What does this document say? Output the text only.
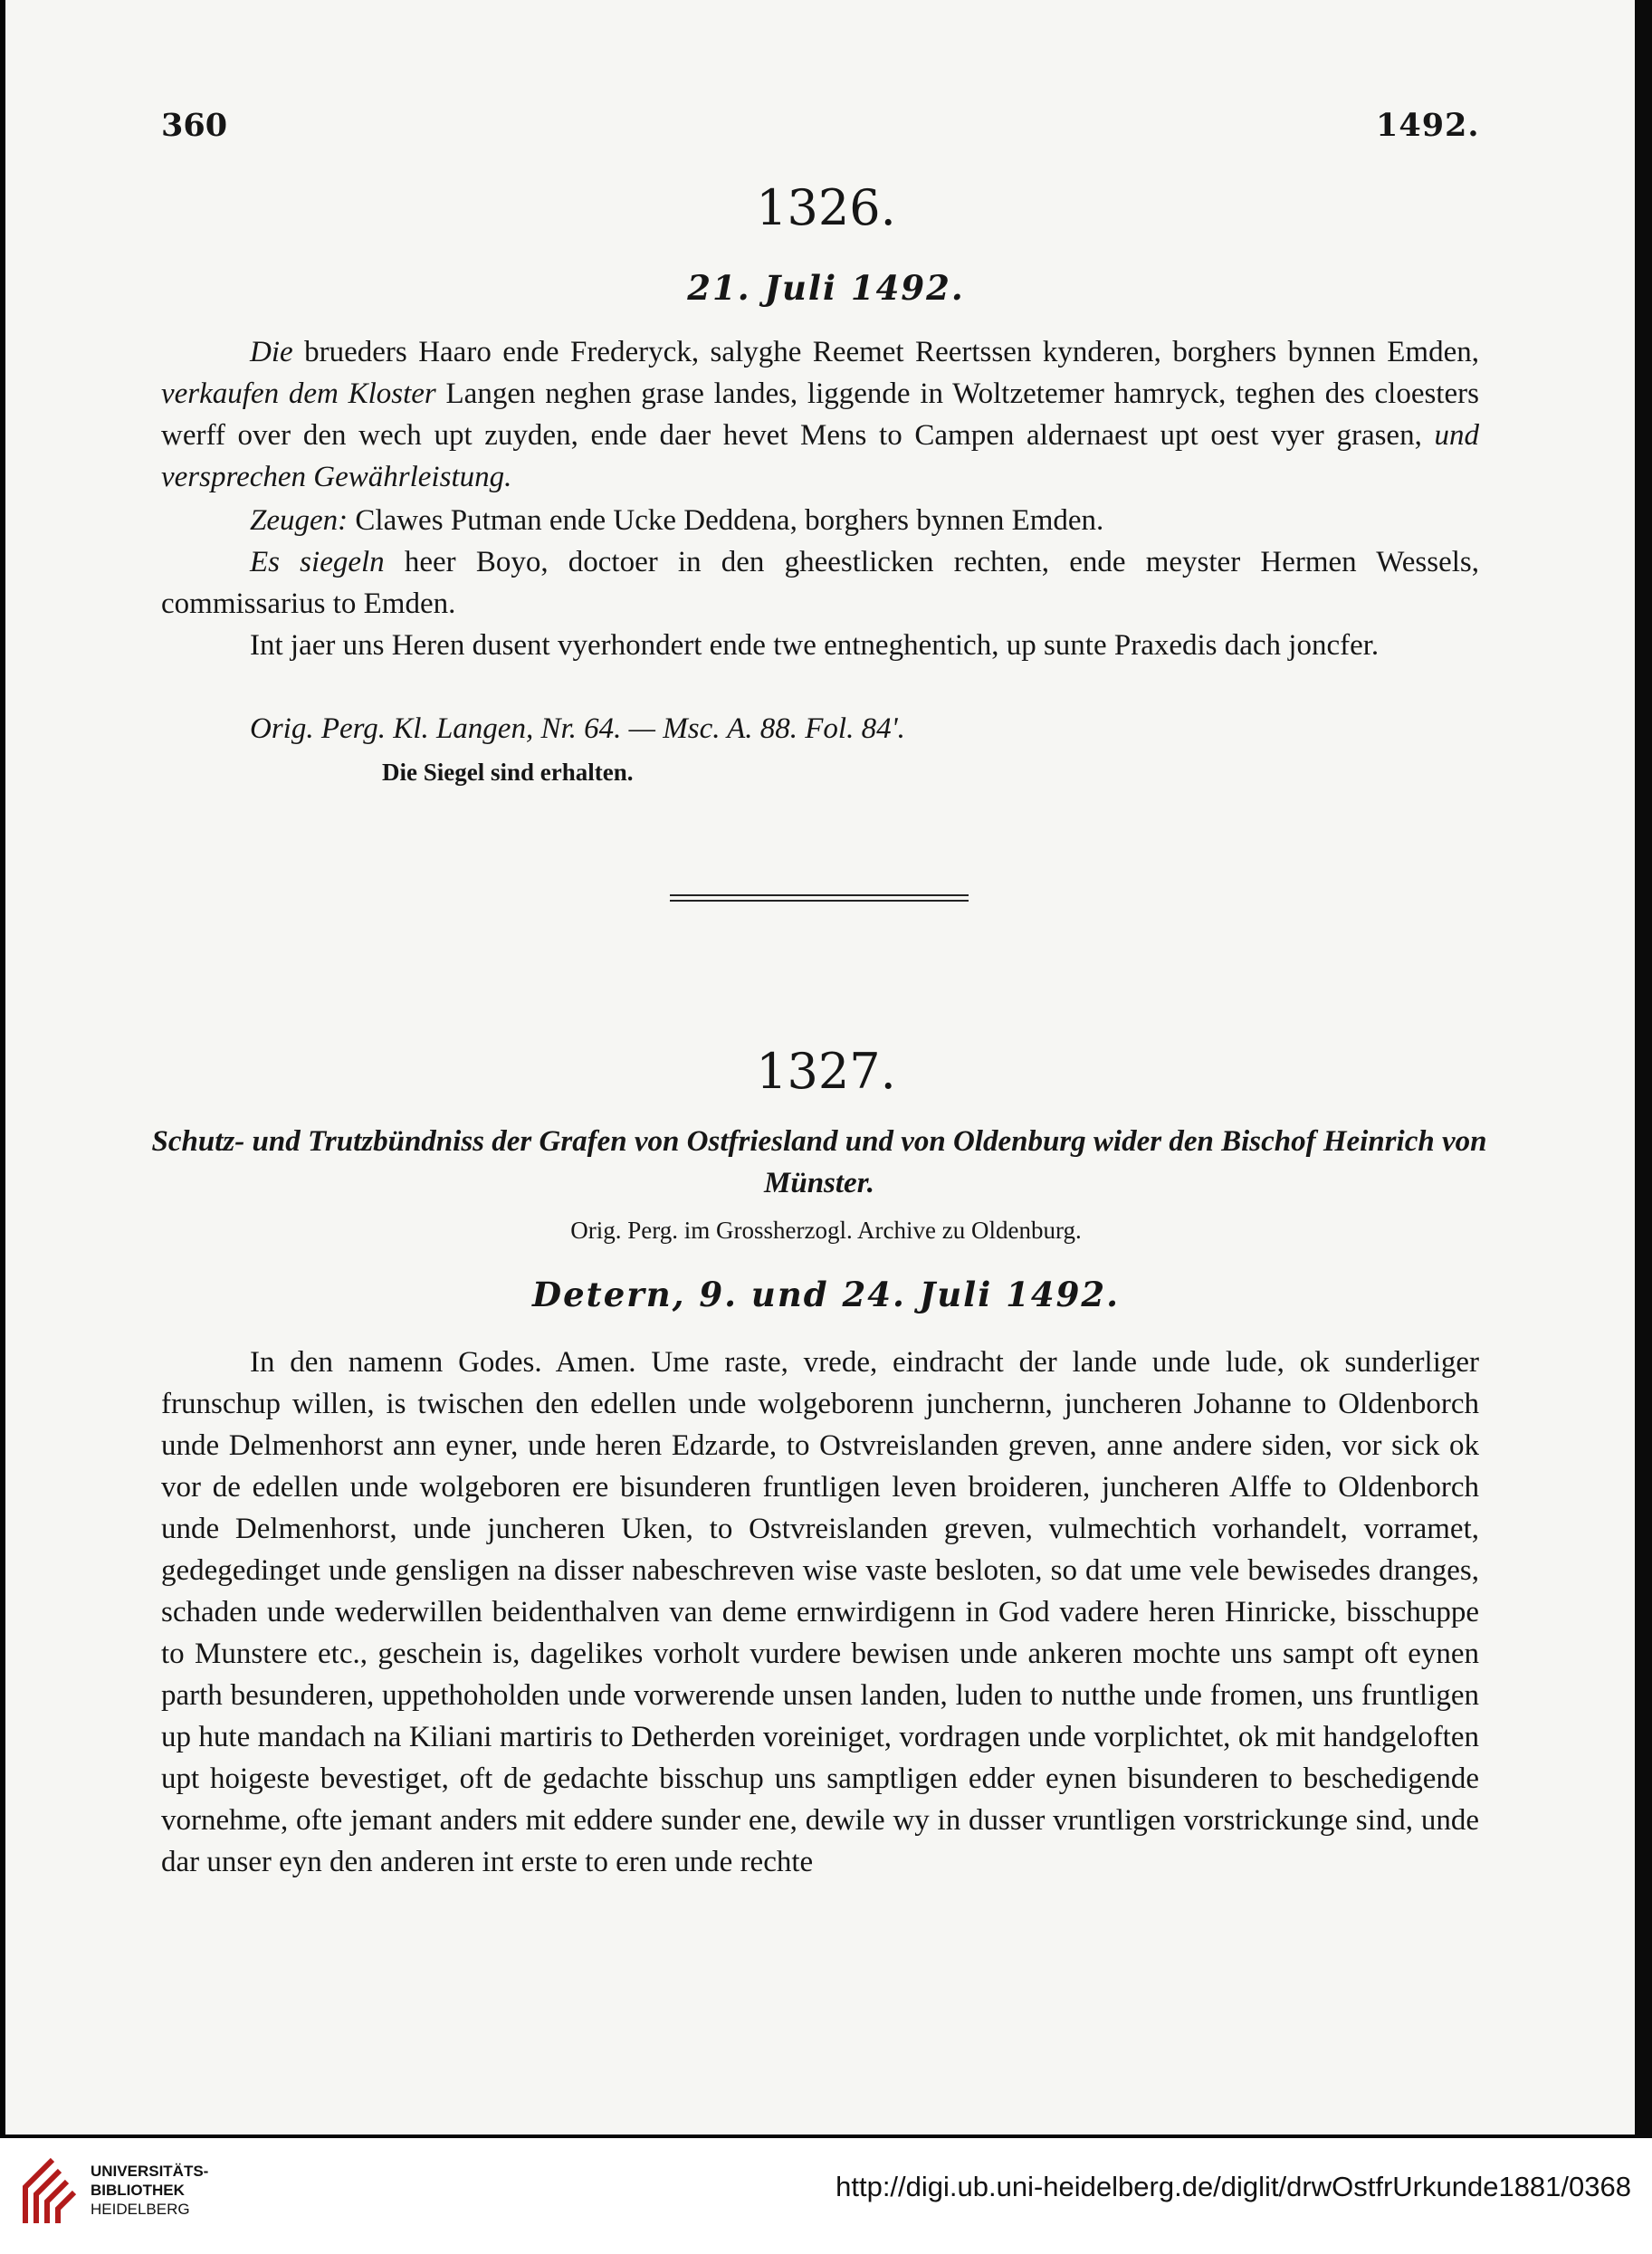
360	1492.
1326.
21. Juli 1492.
Die brueders Haaro ende Frederyck, salyghe Reemet Reertssen kynderen, borghers bynnen Emden, verkaufen dem Kloster Langen neghen grase landes, liggende in Woltzetemer hamryck, teghen des cloesters werff over den wech upt zuyden, ende daer hevet Mens to Campen aldernaest upt oest vyer grasen, und versprechen Gewährleistung.
Zeugen: Clawes Putman ende Ucke Deddena, borghers bynnen Emden.
Es siegeln heer Boyo, doctoer in den gheestlicken rechten, ende meyster Hermen Wessels, commissarius to Emden.
Int jaer uns Heren dusent vyerhondert ende twe entneghentich, up sunte Praxedis dach joncfer.
Orig. Perg. Kl. Langen, Nr. 64. — Msc. A. 88. Fol. 84ʹ.
Die Siegel sind erhalten.
1327.
Schutz- und Trutzbündniss der Grafen von Ostfriesland und von Oldenburg wider den Bischof Heinrich von Münster.
Orig. Perg. im Grossherzogl. Archive zu Oldenburg.
Detern, 9. und 24. Juli 1492.
In den namenn Godes. Amen. Ume raste, vrede, eindracht der lande unde lude, ok sunderliger frunschup willen, is twischen den edellen unde wolgeborenn junchernn, juncheren Johanne to Oldenborch unde Delmenhorst ann eyner, unde heren Edzarde, to Ostvreislanden greven, anne andere siden, vor sick ok vor de edellen unde wolgeboren ere bisunderen fruntligen leven broideren, juncheren Alffe to Oldenborch unde Delmenhorst, unde juncheren Uken, to Ostvreislanden greven, vulmechtich vorhandelt, vorramet, gedegedinget unde gensligen na disser nabeschreven wise vaste besloten, so dat ume vele bewisedes dranges, schaden unde wederwillen beidenthalven van deme ernwirdigenn in God vadere heren Hinricke, bisschuppe to Munstere etc., geschein is, dagelikes vorholt vurdere bewisen unde ankeren mochte uns sampt oft eynen parth besunderen, uppethoholden unde vorwerende unsen landen, luden to nutthe unde fromen, uns fruntligen up hute mandach na Kiliani martiris to Detherden voreiniget, vordragen unde vorplichtet, ok mit handgeloften upt hoigeste bevestiget, oft de gedachte bisschup uns samptligen edder eynen bisunderen to beschedigende vornehme, ofte jemant anders mit eddere sunder ene, dewile wy in dusser vruntligen vorstrickunge sind, unde dar unser eyn den anderen int erste to eren unde rechte
UNIVERSITÄTS-
BIBLIOTHEK
HEIDELBERG
http://digi.ub.uni-heidelberg.de/diglit/drwOstfrUrkunde1881/0368
